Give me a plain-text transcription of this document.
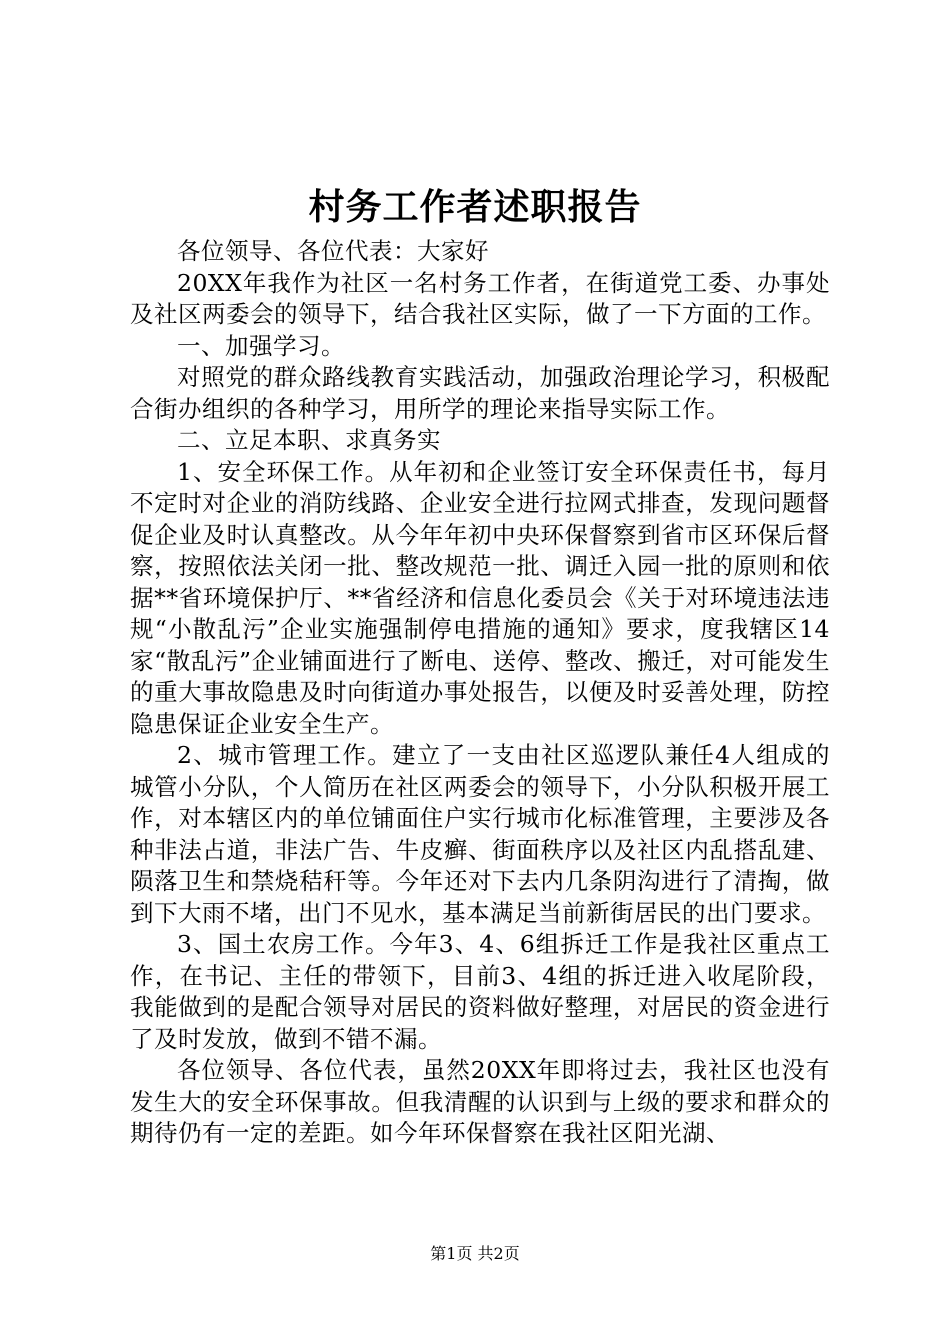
村务工作者述职报告

各位领导、各位代表：大家好

20XX年我作为社区一名村务工作者，在街道党工委、办事处及社区两委会的领导下，结合我社区实际，做了一下方面的工作。

一、加强学习。

对照党的群众路线教育实践活动，加强政治理论学习，积极配合街办组织的各种学习，用所学的理论来指导实际工作。

二、立足本职、求真务实

1、安全环保工作。从年初和企业签订安全环保责任书，每月不定时对企业的消防线路、企业安全进行拉网式排查，发现问题督促企业及时认真整改。从今年年初中央环保督察到省市区环保后督察，按照依法关闭一批、整改规范一批、调迁入园一批的原则和依据**省环境保护厅、**省经济和信息化委员会《关于对环境违法违规“小散乱污”企业实施强制停电措施的通知》要求，度我辖区14家“散乱污”企业铺面进行了断电、送停、整改、搬迁，对可能发生的重大事故隐患及时向街道办事处报告，以便及时妥善处理，防控隐患保证企业安全生产。

2、城市管理工作。建立了一支由社区巡逻队兼任4人组成的城管小分队，个人简历在社区两委会的领导下，小分队积极开展工作，对本辖区内的单位铺面住户实行城市化标准管理，主要涉及各种非法占道，非法广告、牛皮癣、街面秩序以及社区内乱搭乱建、陨落卫生和禁烧秸秆等。今年还对下去内几条阴沟进行了清掏，做到下大雨不堵，出门不见水，基本满足当前新街居民的出门要求。

3、国土农房工作。今年3、4、6组拆迁工作是我社区重点工作，在书记、主任的带领下，目前3、4组的拆迁进入收尾阶段，我能做到的是配合领导对居民的资料做好整理，对居民的资金进行了及时发放，做到不错不漏。

各位领导、各位代表，虽然20XX年即将过去，我社区也没有发生大的安全环保事故。但我清醒的认识到与上级的要求和群众的期待仍有一定的差距。如今年环保督察在我社区阳光湖、

第1页 共2页
